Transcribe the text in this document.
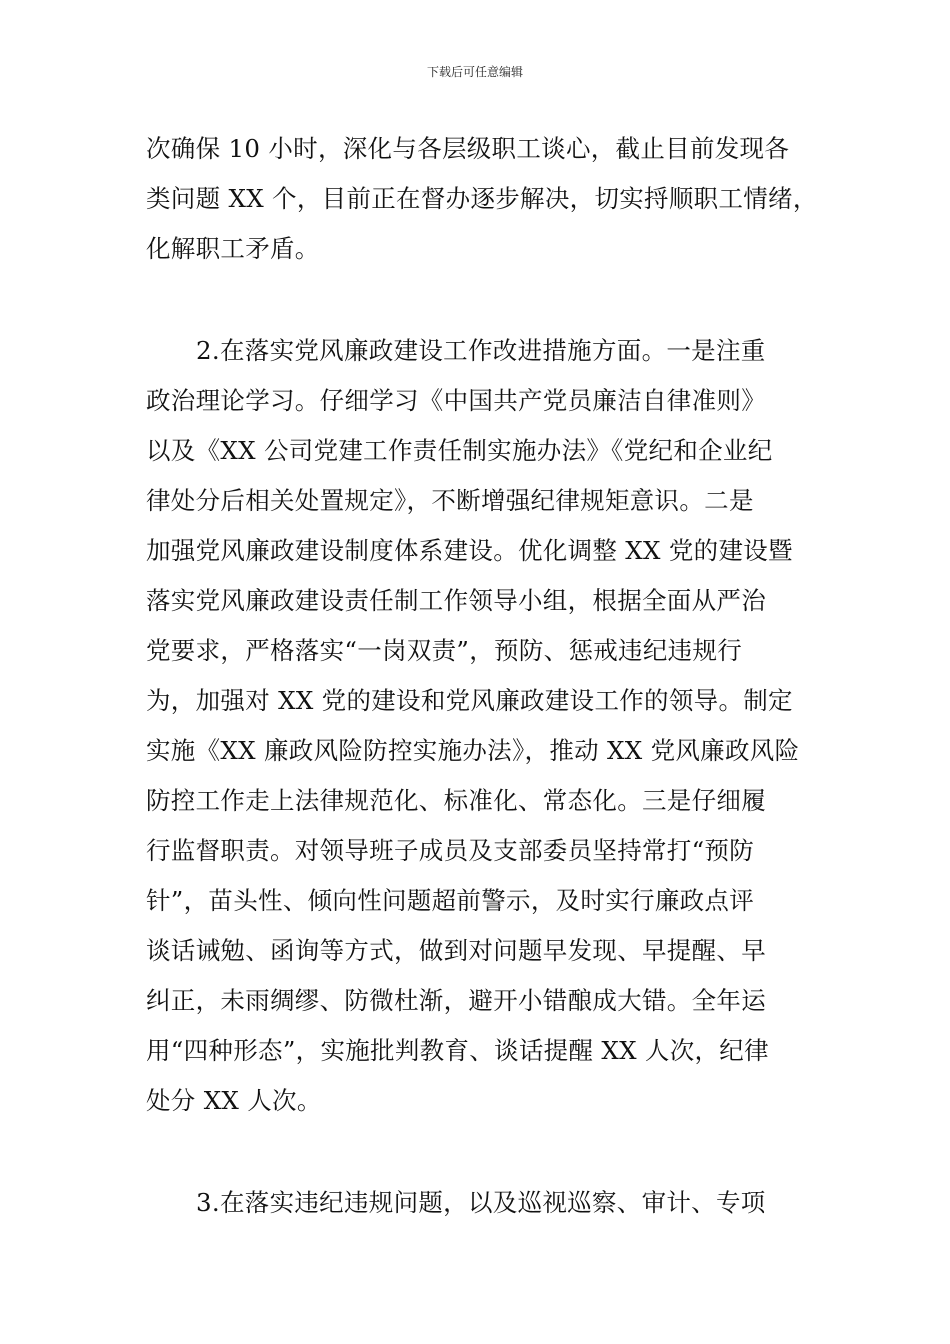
下载后可任意编辑
次确保 10 小时，深化与各层级职工谈心，截止目前发现各
类问题 XX 个，目前正在督办逐步解决，切实捋顺职工情绪，
化解职工矛盾。
2.在落实党风廉政建设工作改进措施方面。一是注重
政治理论学习。仔细学习《中国共产党员廉洁自律准则》
以及《XX 公司党建工作责任制实施办法》《党纪和企业纪
律处分后相关处置规定》，不断增强纪律规矩意识。二是
加强党风廉政建设制度体系建设。优化调整 XX 党的建设暨
落实党风廉政建设责任制工作领导小组，根据全面从严治
党要求，严格落实“一岗双责”，预防、惩戒违纪违规行
为，加强对 XX 党的建设和党风廉政建设工作的领导。制定
实施《XX 廉政风险防控实施办法》，推动 XX 党风廉政风险
防控工作走上法律规范化、标准化、常态化。三是仔细履
行监督职责。对领导班子成员及支部委员坚持常打“预防
针”，苗头性、倾向性问题超前警示，及时实行廉政点评
谈话诫勉、函询等方式，做到对问题早发现、早提醒、早
纠正，未雨绸缪、防微杜渐，避开小错酿成大错。全年运
用“四种形态”，实施批判教育、谈话提醒 XX 人次，纪律
处分 XX 人次。
3.在落实违纪违规问题，以及巡视巡察、审计、专项
